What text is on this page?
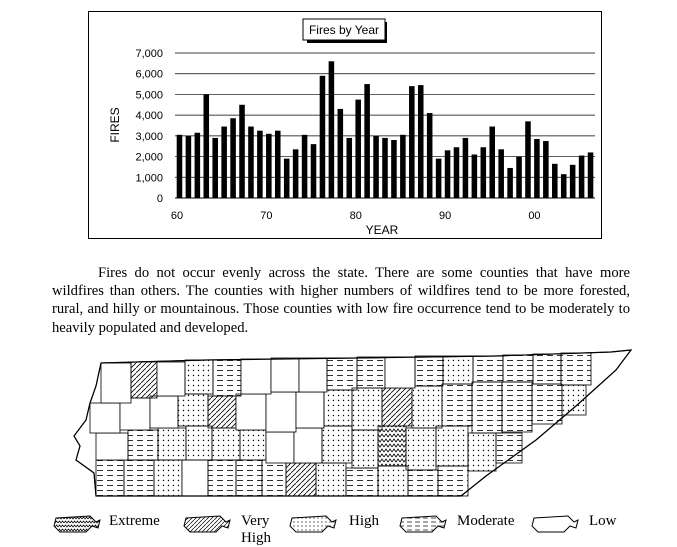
0
1,000
2,000
3,000
4,000
5,000
6,000
7,000
60	70	80	90	00
YEAR
FIRES
Fires by Year

Fires do not occur evenly across the state. There are some counties that have more wildfires than others. The counties with higher numbers of wildfires tend to be more forested, rural, and hilly or mountainous. Those counties with low fire occurrence tend to be moderately to heavily populated and developed.

Extreme	Very High
High	Moderate	Low
